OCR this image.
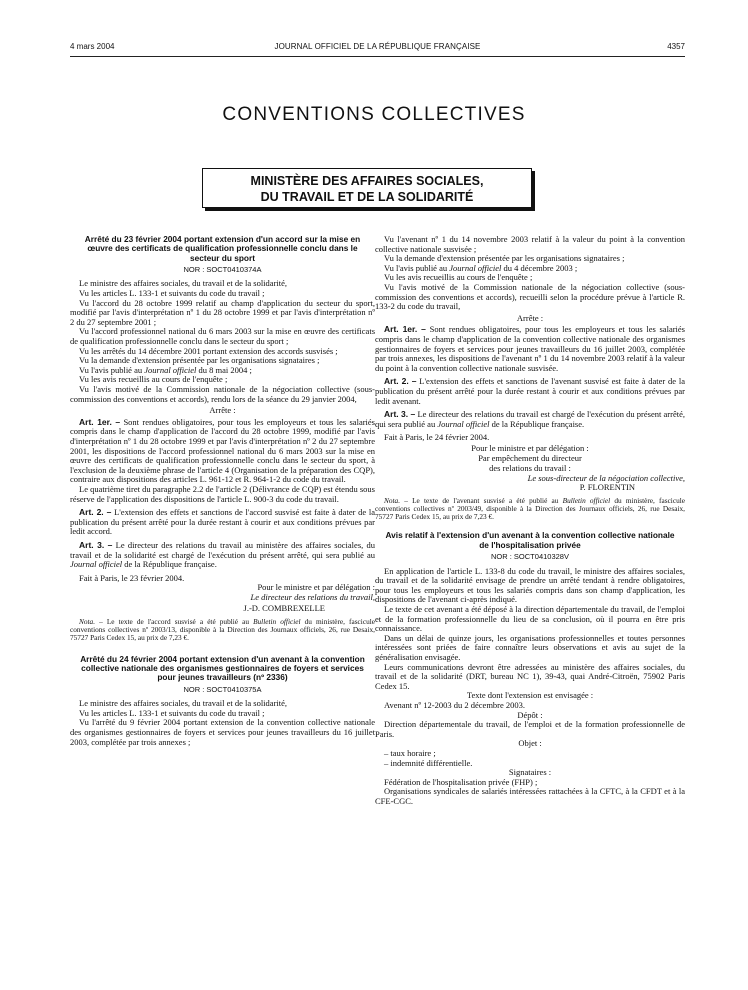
4 mars 2004	JOURNAL OFFICIEL DE LA RÉPUBLIQUE FRANÇAISE	4357
CONVENTIONS COLLECTIVES
MINISTÈRE DES AFFAIRES SOCIALES,
DU TRAVAIL ET DE LA SOLIDARITÉ
Arrêté du 23 février 2004 portant extension d'un accord sur la mise en œuvre des certificats de qualification professionnelle conclu dans le secteur du sport
NOR : SOCT0410374A

Le ministre des affaires sociales, du travail et de la solidarité,

Vu les articles L. 133-1 et suivants du code du travail ;

Vu l'accord du 28 octobre 1999 relatif au champ d'application du secteur du sport, modifié par l'avis d'interprétation nº 1 du 28 octobre 1999 et par l'avis d'interprétation nº 2 du 27 septembre 2001 ;

Vu l'accord professionnel national du 6 mars 2003 sur la mise en œuvre des certificats de qualification professionnelle conclu dans le secteur du sport ;

Vu les arrêtés du 14 décembre 2001 portant extension des accords susvisés ;

Vu la demande d'extension présentée par les organisations signataires ;

Vu l'avis publié au Journal officiel du 8 mai 2004 ;

Vu les avis recueillis au cours de l'enquête ;

Vu l'avis motivé de la Commission nationale de la négociation collective (sous-commission des conventions et accords), rendu lors de la séance du 29 janvier 2004,

Arrête :

Art. 1er. – Sont rendues obligatoires, pour tous les employeurs et tous les salariés compris dans le champ d'application de l'accord du 28 octobre 1999, modifié par l'avis d'interprétation nº 1 du 28 octobre 1999 et par l'avis d'interprétation nº 2 du 27 septembre 2001, les dispositions de l'accord professionnel national du 6 mars 2003 sur la mise en œuvre des certificats de qualification professionnelle conclu dans le secteur du sport, à l'exclusion de la deuxième phrase de l'article 4 (Organisation de la préparation des CQP), contraire aux dispositions des articles L. 961-12 et R. 964-1-2 du code du travail.

Le quatrième tiret du paragraphe 2.2 de l'article 2 (Délivrance de CQP) est étendu sous réserve de l'application des dispositions de l'article L. 900-3 du code du travail.

Art. 2. – L'extension des effets et sanctions de l'accord susvisé est faite à dater de la publication du présent arrêté pour la durée restant à courir et aux conditions prévues par ledit accord.

Art. 3. – Le directeur des relations du travail au ministère des affaires sociales, du travail et de la solidarité est chargé de l'exécution du présent arrêté, qui sera publié au Journal officiel de la République française.

Fait à Paris, le 23 février 2004.

Pour le ministre et par délégation :

Le directeur des relations du travail,

J.-D. COMBREXELLE

Nota. – Le texte de l'accord susvisé a été publié au Bulletin officiel du ministère, fascicule conventions collectives nº 2003/13, disponible à la Direction des Journaux officiels, 26, rue Desaix, 75727 Paris Cedex 15, au prix de 7,23 €.

Arrêté du 24 février 2004 portant extension d'un avenant à la convention collective nationale des organismes gestionnaires de foyers et services pour jeunes travailleurs (nº 2336)
NOR : SOCT0410375A

Le ministre des affaires sociales, du travail et de la solidarité,

Vu les articles L. 133-1 et suivants du code du travail ;

Vu l'arrêté du 9 février 2004 portant extension de la convention collective nationale des organismes gestionnaires de foyers et services pour jeunes travailleurs du 16 juillet 2003, complétée par trois annexes ;

Vu l'avenant nº 1 du 14 novembre 2003 relatif à la valeur du point à la convention collective nationale susvisée ;

Vu la demande d'extension présentée par les organisations signataires ;

Vu l'avis publié au Journal officiel du 4 décembre 2003 ;

Vu les avis recueillis au cours de l'enquête ;

Vu l'avis motivé de la Commission nationale de la négociation collective (sous-commission des conventions et accords), recueilli selon la procédure prévue à l'article R. 133-2 du code du travail,

Arrête :

Art. 1er. – Sont rendues obligatoires, pour tous les employeurs et tous les salariés compris dans le champ d'application de la convention collective nationale des organismes gestionnaires de foyers et services pour jeunes travailleurs du 16 juillet 2003, complétée par trois annexes, les dispositions de l'avenant nº 1 du 14 novembre 2003 relatif à la valeur du point à la convention collective nationale susvisée.

Art. 2. – L'extension des effets et sanctions de l'avenant susvisé est faite à dater de la publication du présent arrêté pour la durée restant à courir et aux conditions prévues par ledit avenant.

Art. 3. – Le directeur des relations du travail est chargé de l'exécution du présent arrêté, qui sera publié au Journal officiel de la République française.

Fait à Paris, le 24 février 2004.

Pour le ministre et par délégation :

Par empêchement du directeur

des relations du travail :

Le sous-directeur de la négociation collective,

P. FLORENTIN

Nota. – Le texte de l'avenant susvisé a été publié au Bulletin officiel du ministère, fascicule conventions collectives nº 2003/49, disponible à la Direction des Journaux officiels, 26, rue Desaix, 75727 Paris Cedex 15, au prix de 7,23 €.

Avis relatif à l'extension d'un avenant à la convention collective nationale de l'hospitalisation privée
NOR : SOCT0410328V

En application de l'article L. 133-8 du code du travail, le ministre des affaires sociales, du travail et de la solidarité envisage de prendre un arrêté tendant à rendre obligatoires, pour tous les employeurs et tous les salariés compris dans son champ d'application, les dispositions de l'avenant ci-après indiqué.

Le texte de cet avenant a été déposé à la direction départementale du travail, de l'emploi et de la formation professionnelle du lieu de sa conclusion, où il pourra en être pris connaissance.

Dans un délai de quinze jours, les organisations professionnelles et toutes personnes intéressées sont priées de faire connaître leurs observations et avis au sujet de la généralisation envisagée.

Leurs communications devront être adressées au ministère des affaires sociales, du travail et de la solidarité (DRT, bureau NC 1), 39-43, quai André-Citroën, 75902 Paris Cedex 15.

Texte dont l'extension est envisagée :

Avenant nº 12-2003 du 2 décembre 2003.

Dépôt :

Direction départementale du travail, de l'emploi et de la formation professionnelle de Paris.

Objet :

– taux horaire ;

– indemnité différentielle.

Signataires :

Fédération de l'hospitalisation privée (FHP) ;

Organisations syndicales de salariés intéressées rattachées à la CFTC, à la CFDT et à la CFE-CGC.
